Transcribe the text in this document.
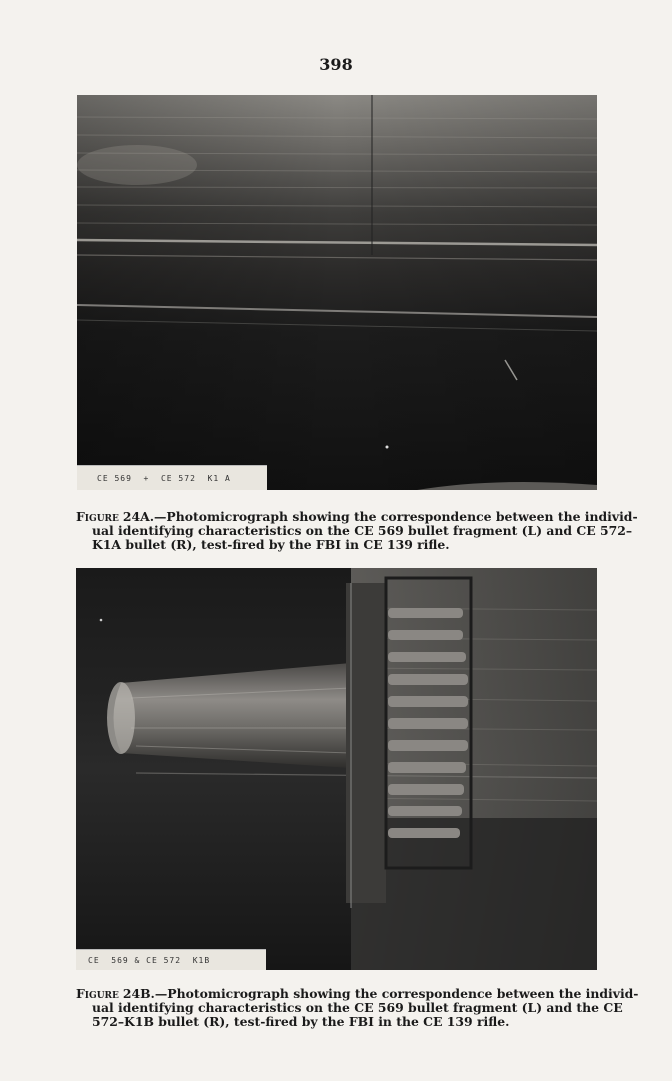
398

CE 569  +  CE 572  K1 A

Figure 24A.—Photomicrograph showing the correspondence between the individ-
ual identifying characteristics on the CE 569 bullet fragment (L) and CE 572–
K1A bullet (R), test-fired by the FBI in CE 139 rifle.

CE  569 & CE 572  K1B

Figure 24B.—Photomicrograph showing the correspondence between the individ-
ual identifying characteristics on the CE 569 bullet fragment (L) and the CE
572–K1B bullet (R), test-fired by the FBI in the CE 139 rifle.
